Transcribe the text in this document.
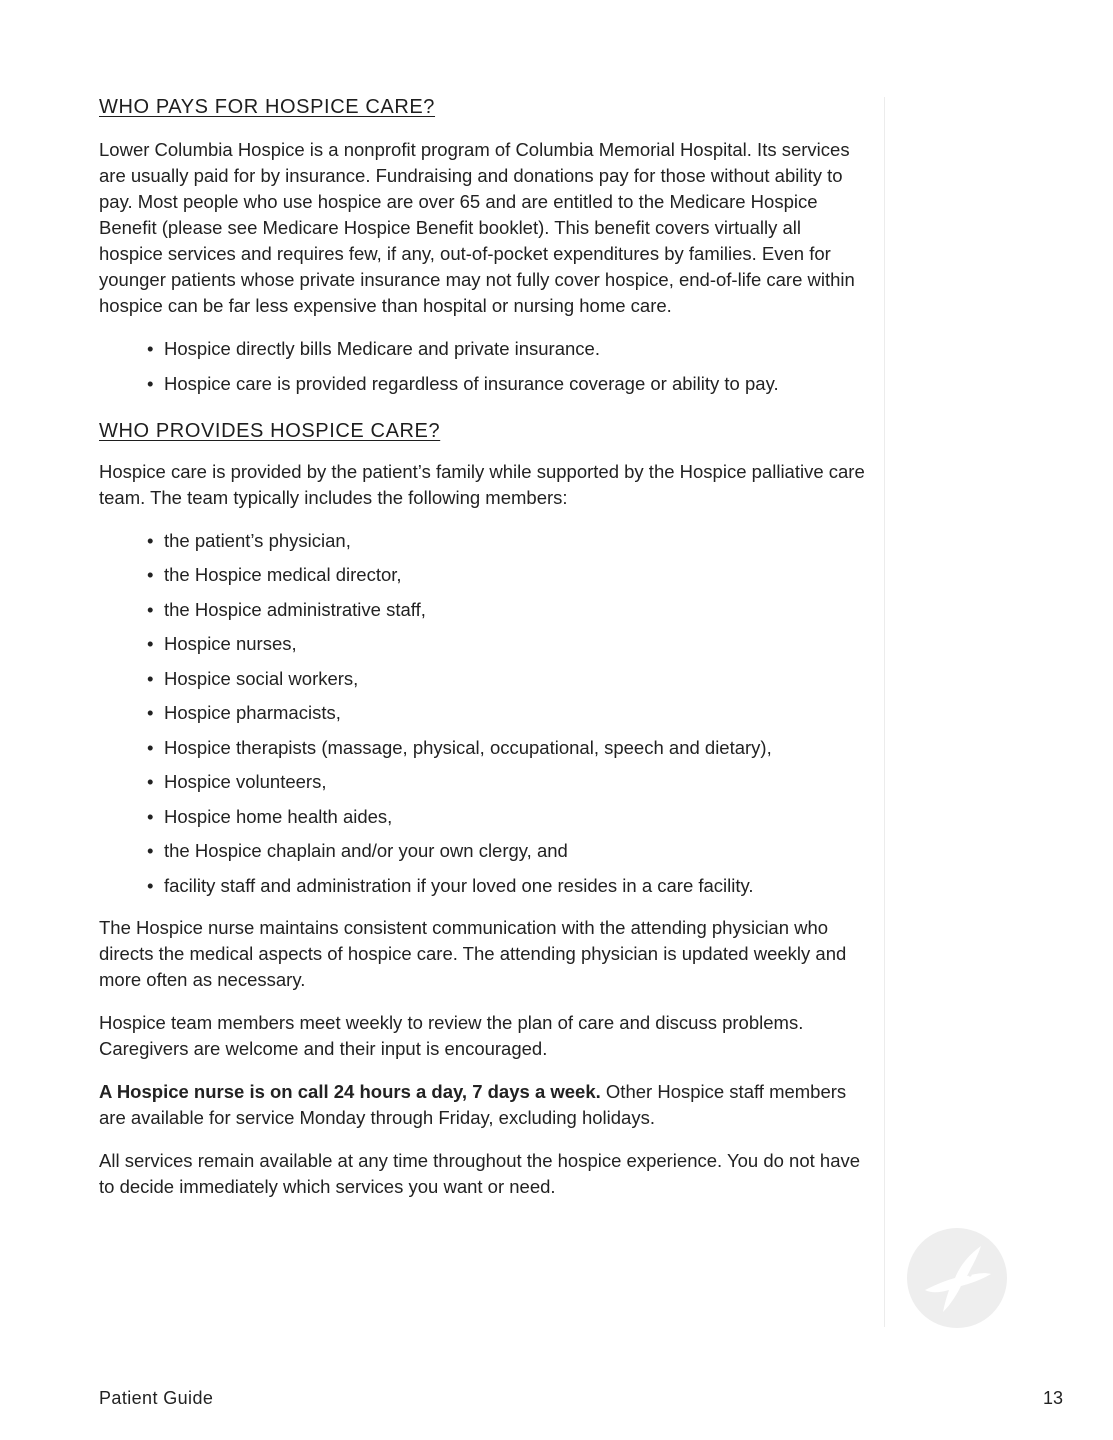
WHO PAYS FOR HOSPICE CARE?

Lower Columbia Hospice is a nonprofit program of Columbia Memorial Hospital. Its services are usually paid for by insurance. Fundraising and donations pay for those without ability to pay. Most people who use hospice are over 65 and are entitled to the Medicare Hospice Benefit (please see Medicare Hospice Benefit booklet). This benefit covers virtually all hospice services and requires few, if any, out-of-pocket expenditures by families. Even for younger patients whose private insurance may not fully cover hospice, end-of-life care within hospice can be far less expensive than hospital or nursing home care.

• Hospice directly bills Medicare and private insurance.
• Hospice care is provided regardless of insurance coverage or ability to pay.
WHO PROVIDES HOSPICE CARE?

Hospice care is provided by the patient’s family while supported by the Hospice palliative care team. The team typically includes the following members:

• the patient’s physician,
• the Hospice medical director,
• the Hospice administrative staff,
• Hospice nurses,
• Hospice social workers,
• Hospice pharmacists,
• Hospice therapists (massage, physical, occupational, speech and dietary),
• Hospice volunteers,
• Hospice home health aides,
• the Hospice chaplain and/or your own clergy, and
• facility staff and administration if your loved one resides in a care facility.

The Hospice nurse maintains consistent communication with the attending physician who directs the medical aspects of hospice care. The attending physician is updated weekly and more often as necessary.

Hospice team members meet weekly to review the plan of care and discuss problems. Caregivers are welcome and their input is encouraged.

A Hospice nurse is on call 24 hours a day, 7 days a week. Other Hospice staff members are available for service Monday through Friday, excluding holidays.

All services remain available at any time throughout the hospice experience. You do not have to decide immediately which services you want or need.

Patient Guide	13
